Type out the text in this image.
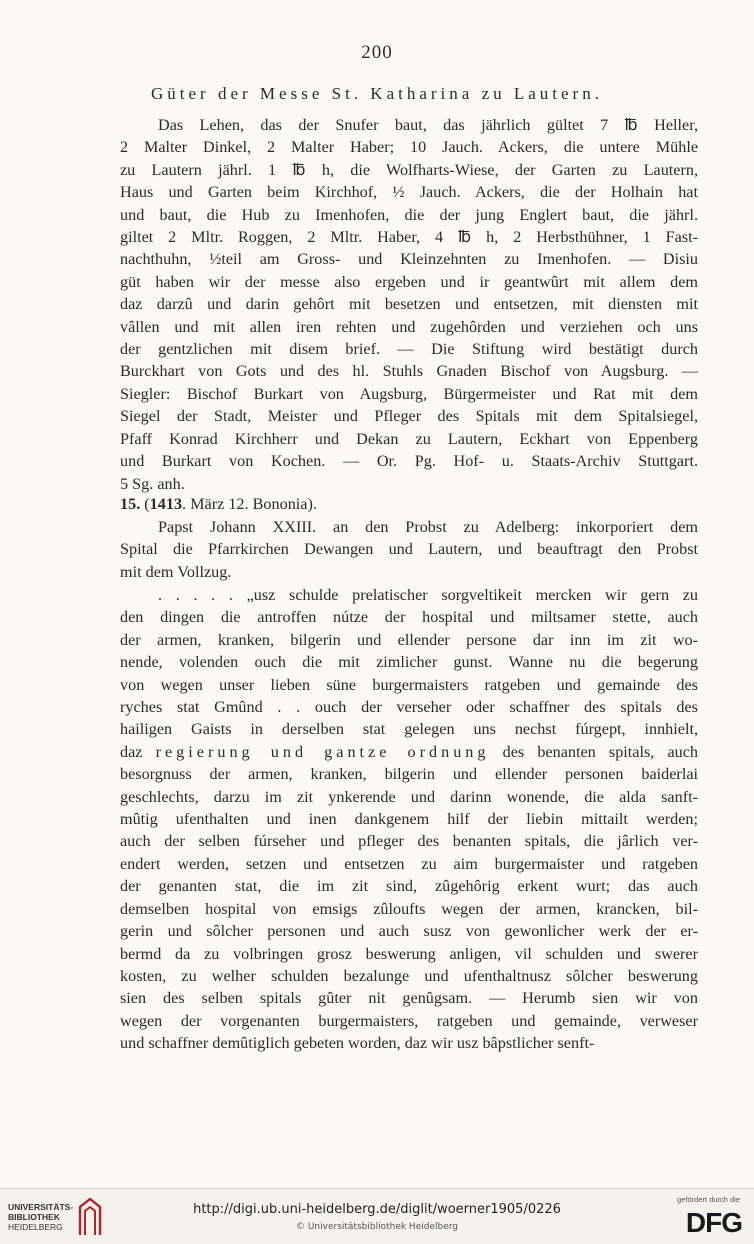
200
Güter der Messe St. Katharina zu Lautern.
Das Lehen, das der Snufer baut, das jährlich gültet 7 ℔ Heller,
2 Malter Dinkel, 2 Malter Haber; 10 Jauch. Ackers, die untere Mühle
zu Lautern jährl. 1 ℔ h, die Wolfharts-Wiese, der Garten zu Lautern,
Haus und Garten beim Kirchhof, ½ Jauch. Ackers, die der Holhain hat
und baut, die Hub zu Imenhofen, die der jung Englert baut, die jährl.
giltet 2 Mltr. Roggen, 2 Mltr. Haber, 4 ℔ h, 2 Herbsthühner, 1 Fast-
nachthuhn, ½teil am Gross- und Kleinzehnten zu Imenhofen. — Disiu
güt haben wir der messe also ergeben und ir geantwûrt mit allem dem
daz darzû und darin gehôrt mit besetzen und entsetzen, mit diensten mit
vâllen und mit allen iren rehten und zugehôrden und verziehen och uns
der gentzlichen mit disem brief. — Die Stiftung wird bestätigt durch
Burckhart von Gots und des hl. Stuhls Gnaden Bischof von Augsburg. —
Siegler: Bischof Burkart von Augsburg, Bürgermeister und Rat mit dem
Siegel der Stadt, Meister und Pfleger des Spitals mit dem Spitalsiegel,
Pfaff Konrad Kirchherr und Dekan zu Lautern, Eckhart von Eppenberg
und Burkart von Kochen. — Or. Pg. Hof- u. Staats-Archiv Stuttgart.
5 Sg. anh.
15. (1413. März 12. Bononia).
Papst Johann XXIII. an den Probst zu Adelberg: inkorporiert dem
Spital die Pfarrkirchen Dewangen und Lautern, und beauftragt den Probst
mit dem Vollzug.
. . . . . „usz schulde prelatischer sorgveltikeit mercken wir gern zu
den dingen die antroffen nútze der hospital und miltsamer stette, auch
der armen, kranken, bilgerin und ellender persone dar inn im zit wo-
nende, volenden ouch die mit zimlicher gunst. Wanne nu die begerung
von wegen unser lieben süne burgermaisters ratgeben und gemainde des
ryches stat Gmûnd . . ouch der verseher oder schaffner des spitals des
hailigen Gaists in derselben stat gelegen uns nechst fúrgept, innhielt,
daz regierung und gantze ordnung des benanten spitals, auch
besorgnuss der armen, kranken, bilgerin und ellender personen baiderlai
geschlechts, darzu im zit ynkerende und darinn wonende, die alda sanft-
mûtig ufenthalten und inen dankgenem hilf der liebin mittailt werden;
auch der selben fúrseher und pfleger des benanten spitals, die jârlich ver-
endert werden, setzen und entsetzen zu aim burgermaister und ratgeben
der genanten stat, die im zit sind, zûgehôrig erkent wurt; das auch
demselben hospital von emsigs zûloufts wegen der armen, krancken, bil-
gerin und sôlcher personen und auch susz von gewonlicher werk der er-
bermd da zu volbringen grosz beswerung anligen, vil schulden und swerer
kosten, zu welher schulden bezalunge und ufenthaltnusz sôlcher beswerung
sien des selben spitals gûter nit genûgsam. — Herumb sien wir von
wegen der vorgenanten burgermaisters, ratgeben und gemainde, verweser
und schaffner demûtiglich gebeten worden, daz wir usz bâpstlicher senft-
UNIVERSITÄTS-
BIBLIOTHEK
HEIDELBERG
http://digi.ub.uni-heidelberg.de/diglit/woerner1905/0226
© Universitätsbibliothek Heidelberg
gefördert durch die
DFG
